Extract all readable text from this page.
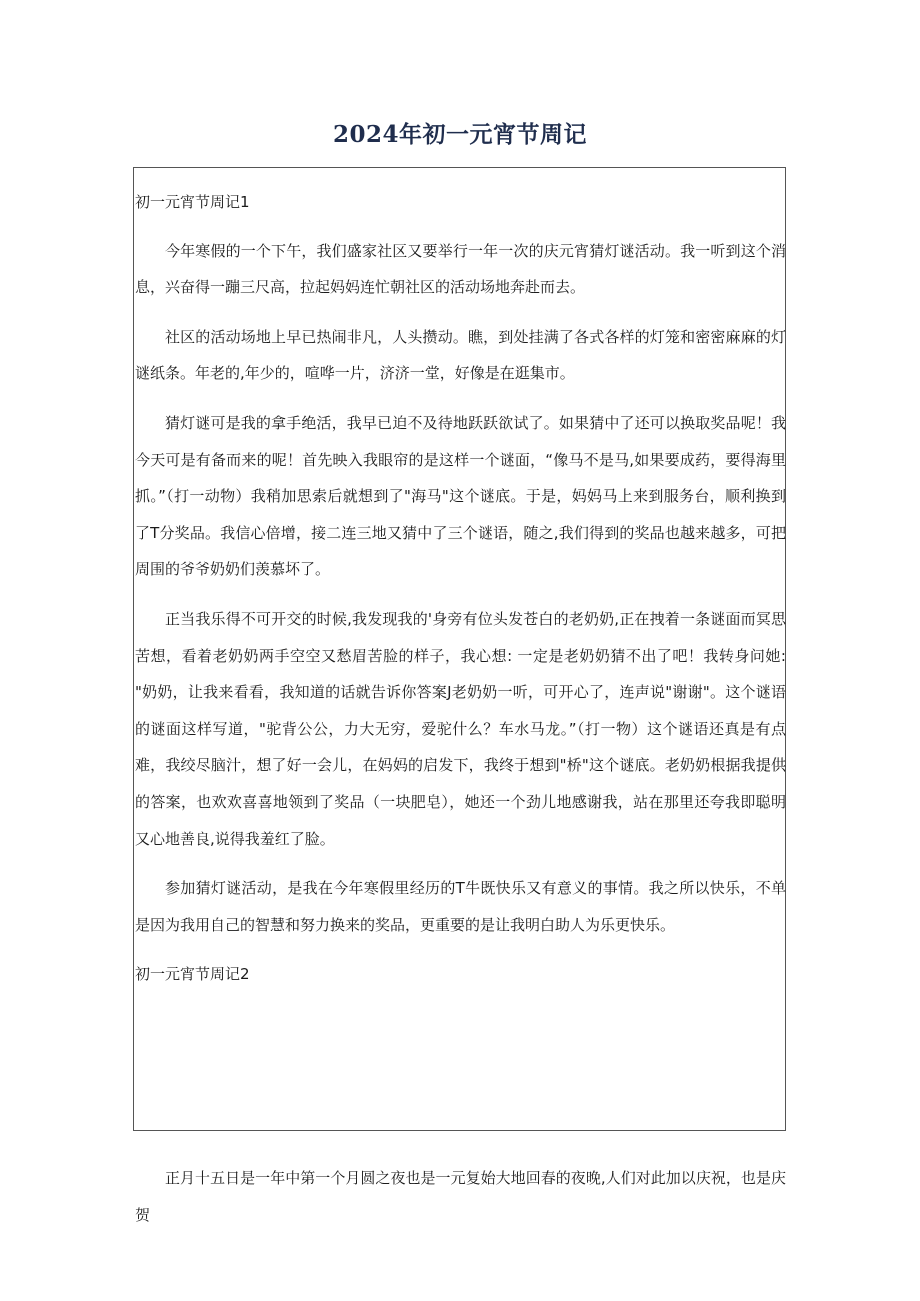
2024年初一元宵节周记

初一元宵节周记1

今年寒假的一个下午，我们盛家社区又要举行一年一次的庆元宵猜灯谜活动。我一听到这个消息，兴奋得一蹦三尺高，拉起妈妈连忙朝社区的活动场地奔赴而去。

社区的活动场地上早已热闹非凡，人头攒动。瞧，到处挂满了各式各样的灯笼和密密麻麻的灯谜纸条。年老的,年少的，喧哗一片，济济一堂，好像是在逛集市。

猜灯谜可是我的拿手绝活，我早已迫不及待地跃跃欲试了。如果猜中了还可以换取奖品呢！我今天可是有备而来的呢！首先映入我眼帘的是这样一个谜面，“像马不是马,如果要成药，要得海里抓。”（打一动物）我稍加思索后就想到了"海马"这个谜底。于是，妈妈马上来到服务台，顺利换到了T分奖品。我信心倍增，接二连三地又猜中了三个谜语，随之,我们得到的奖品也越来越多，可把周围的爷爷奶奶们羡慕坏了。

正当我乐得不可开交的时候,我发现我的'身旁有位头发苍白的老奶奶,正在拽着一条谜面而冥思苦想，看着老奶奶两手空空又愁眉苦脸的样子，我心想: 一定是老奶奶猜不出了吧！我转身问她: "奶奶，让我来看看，我知道的话就告诉你答案J老奶奶一听，可开心了，连声说"谢谢"。这个谜语的谜面这样写道，"驼背公公，力大无穷，爱驼什么？车水马龙。”（打一物）这个谜语还真是有点难，我绞尽脑汁，想了好一会儿，在妈妈的启发下，我终于想到"桥"这个谜底。老奶奶根据我提供的答案，也欢欢喜喜地领到了奖品（一块肥皂），她还一个劲儿地感谢我，站在那里还夸我即聪明又心地善良,说得我羞红了脸。

参加猜灯谜活动，是我在今年寒假里经历的T牛既快乐又有意义的事情。我之所以快乐，不单是因为我用自己的智慧和努力换来的奖品，更重要的是让我明白助人为乐更快乐。

初一元宵节周记2

正月十五日是一年中第一个月圆之夜也是一元复始大地回春的夜晚,人们对此加以庆祝，也是庆贺
